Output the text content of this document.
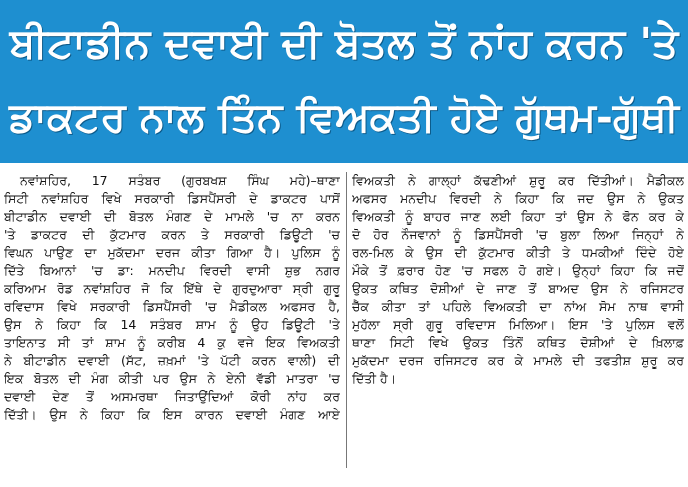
ਬੀਟਾਡੀਨ ਦਵਾਈ ਦੀ ਬੋਤਲ ਤੋਂ ਨਾਂਹ ਕਰਨ 'ਤੇ
ਡਾਕਟਰ ਨਾਲ ਤਿੰਨ ਵਿਅਕਤੀ ਹੋਏ ਗੁੱਥਮ-ਗੁੱਥੀ
ਨਵਾਂਸ਼ਹਿਰ, 17 ਸਤੰਬਰ (ਗੁਰਬਖਸ਼ ਸਿੰਘ ਮਹੇ)–ਥਾਣਾ
ਸਿਟੀ ਨਵਾਂਸ਼ਹਿਰ ਵਿਖੇ ਸਰਕਾਰੀ ਡਿਸਪੈਂਸਰੀ ਦੇ ਡਾਕਟਰ ਪਾਸੋਂ
ਬੀਟਾਡੀਨ ਦਵਾਈ ਦੀ ਬੋਤਲ ਮੰਗਣ ਦੇ ਮਾਮਲੇ 'ਚ ਨਾ ਕਰਨ
'ਤੇ ਡਾਕਟਰ ਦੀ ਕੁੱਟਮਾਰ ਕਰਨ ਤੇ ਸਰਕਾਰੀ ਡਿਊਟੀ 'ਚ
ਵਿਘਨ ਪਾਉਣ ਦਾ ਮੁਕੱਦਮਾ ਦਰਜ ਕੀਤਾ ਗਿਆ ਹੈ। ਪੁਲਿਸ ਨੂੰ
ਦਿੱਤੇ ਬਿਆਨਾਂ 'ਚ ਡਾ: ਮਨਦੀਪ ਵਿਰਦੀ ਵਾਸੀ ਸ਼ੁਭ ਨਗਰ
ਕਰਿਆਮ ਰੋਡ ਨਵਾਂਸ਼ਹਿਰ ਜੋ ਕਿ ਇੱਥੇ ਦੇ ਗੁਰਦੁਆਰਾ ਸ੍ਰੀ ਗੁਰੂ
ਰਵਿਦਾਸ ਵਿਖੇ ਸਰਕਾਰੀ ਡਿਸਪੈਂਸਰੀ 'ਚ ਮੈਡੀਕਲ ਅਫਸਰ ਹੈ,
ਉਸ ਨੇ ਕਿਹਾ ਕਿ 14 ਸਤੰਬਰ ਸ਼ਾਮ ਨੂੰ ਉਹ ਡਿਊਟੀ 'ਤੇ
ਤਾਇਨਾਤ ਸੀ ਤਾਂ ਸ਼ਾਮ ਨੂੰ ਕਰੀਬ 4 ਕੁ ਵਜੇ ਇਕ ਵਿਅਕਤੀ
ਨੇ ਬੀਟਾਡੀਨ ਦਵਾਈ (ਸੱਟ, ਜ਼ਖ਼ਮਾਂ 'ਤੇ ਪੱਟੀ ਕਰਨ ਵਾਲੀ) ਦੀ
ਇਕ ਬੋਤਲ ਦੀ ਮੰਗ ਕੀਤੀ ਪਰ ਉਸ ਨੇ ਏਨੀ ਵੱਡੀ ਮਾਤਰਾ 'ਚ
ਦਵਾਈ ਦੇਣ ਤੋਂ ਅਸਮਰਥਾ ਜਿਤਾਉਂਦਿਆਂ ਕੋਰੀ ਨਾਂਹ ਕਰ
ਦਿੱਤੀ। ਉਸ ਨੇ ਕਿਹਾ ਕਿ ਇਸ ਕਾਰਨ ਦਵਾਈ ਮੰਗਣ ਆਏ
ਵਿਅਕਤੀ ਨੇ ਗਾਲ੍ਹਾਂ ਕੱਢਣੀਆਂ ਸ਼ੁਰੂ ਕਰ ਦਿੱਤੀਆਂ। ਮੈਡੀਕਲ
ਅਫਸਰ ਮਨਦੀਪ ਵਿਰਦੀ ਨੇ ਕਿਹਾ ਕਿ ਜਦ ਉਸ ਨੇ ਉਕਤ
ਵਿਅਕਤੀ ਨੂੰ ਬਾਹਰ ਜਾਣ ਲਈ ਕਿਹਾ ਤਾਂ ਉਸ ਨੇ ਫੋਨ ਕਰ ਕੇ
ਦੋ ਹੋਰ ਨੌਜਵਾਨਾਂ ਨੂੰ ਡਿਸਪੈਂਸਰੀ 'ਚ ਬੁਲਾ ਲਿਆ ਜਿਨ੍ਹਾਂ ਨੇ
ਰਲ-ਮਿਲ ਕੇ ਉਸ ਦੀ ਕੁੱਟਮਾਰ ਕੀਤੀ ਤੇ ਧਮਕੀਆਂ ਦਿੰਦੇ ਹੋਏ
ਮੌਕੇ ਤੋਂ ਫ਼ਰਾਰ ਹੋਣ 'ਚ ਸਫਲ ਹੋ ਗਏ। ਉਨ੍ਹਾਂ ਕਿਹਾ ਕਿ ਜਦੋਂ
ਉਕਤ ਕਥਿਤ ਦੋਸ਼ੀਆਂ ਦੇ ਜਾਣ ਤੋਂ ਬਾਅਦ ਉਸ ਨੇ ਰਜਿਸਟਰ
ਚੈੱਕ ਕੀਤਾ ਤਾਂ ਪਹਿਲੇ ਵਿਅਕਤੀ ਦਾ ਨਾਂਅ ਸੋਮ ਨਾਥ ਵਾਸੀ
ਮੁਹੱਲਾ ਸ੍ਰੀ ਗੁਰੂ ਰਵਿਦਾਸ ਮਿਲਿਆ। ਇਸ 'ਤੇ ਪੁਲਿਸ ਵਲੋਂ
ਥਾਣਾ ਸਿਟੀ ਵਿਖੇ ਉਕਤ ਤਿੰਨੋਂ ਕਥਿਤ ਦੋਸ਼ੀਆਂ ਦੇ ਖ਼ਿਲਾਫ਼
ਮੁਕੱਦਮਾ ਦਰਜ ਰਜਿਸਟਰ ਕਰ ਕੇ ਮਾਮਲੇ ਦੀ ਤਫਤੀਸ਼ ਸ਼ੁਰੂ ਕਰ
ਦਿੱਤੀ ਹੈ।
